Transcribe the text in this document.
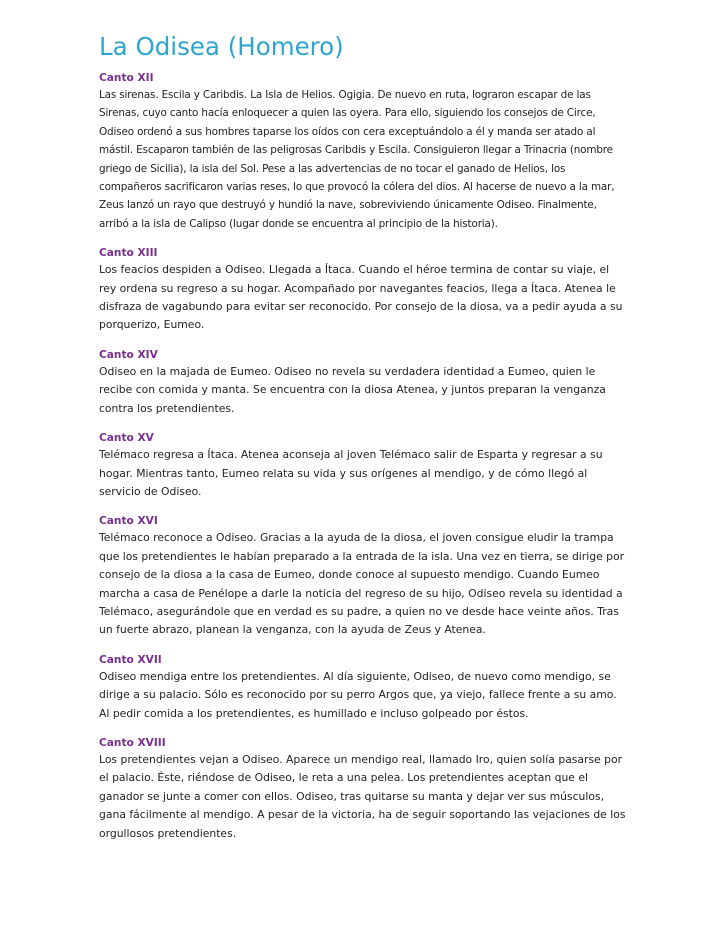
La Odisea (Homero)
Canto XII

Las sirenas. Escila y Caribdis. La Isla de Helios. Ogigia. De nuevo en ruta, lograron escapar de las Sirenas, cuyo canto hacía enloquecer a quien las oyera. Para ello, siguiendo los consejos de Circe, Odiseo ordenó a sus hombres taparse los oídos con cera exceptuándolo a él y manda ser atado al mástil. Escaparon también de las peligrosas Caribdis y Escila. Consiguieron llegar a Trinacria (nombre griego de Sicilia), la isla del Sol. Pese a las advertencias de no tocar el ganado de Helios, los compañeros sacrificaron varias reses, lo que provocó la cólera del dios. Al hacerse de nuevo a la mar, Zeus lanzó un rayo que destruyó y hundió la nave, sobreviviendo únicamente Odiseo. Finalmente, arribó a la isla de Calipso (lugar donde se encuentra al principio de la historia).

Canto XIII

Los feacios despiden a Odiseo. Llegada a Ítaca. Cuando el héroe termina de contar su viaje, el rey ordena su regreso a su hogar. Acompañado por navegantes feacios, llega a Ítaca. Atenea le disfraza de vagabundo para evitar ser reconocido. Por consejo de la diosa, va a pedir ayuda a su porquerizo, Eumeo.

Canto XIV

Odiseo en la majada de Eumeo. Odiseo no revela su verdadera identidad a Eumeo, quien le recibe con comida y manta. Se encuentra con la diosa Atenea, y juntos preparan la venganza contra los pretendientes.

Canto XV

Telémaco regresa a Ítaca. Atenea aconseja al joven Telémaco salir de Esparta y regresar a su hogar. Mientras tanto, Eumeo relata su vida y sus orígenes al mendigo, y de cómo llegó al servicio de Odiseo.

Canto XVI

Telémaco reconoce a Odiseo. Gracias a la ayuda de la diosa, el joven consigue eludir la trampa que los pretendientes le habían preparado a la entrada de la isla. Una vez en tierra, se dirige por consejo de la diosa a la casa de Eumeo, donde conoce al supuesto mendigo. Cuando Eumeo marcha a casa de Penélope a darle la noticia del regreso de su hijo, Odiseo revela su identidad a Telémaco, asegurándole que en verdad es su padre, a quien no ve desde hace veinte años. Tras un fuerte abrazo, planean la venganza, con la ayuda de Zeus y Atenea.

Canto XVII

Odiseo mendiga entre los pretendientes. Al día siguiente, Odiseo, de nuevo como mendigo, se dirige a su palacio. Sólo es reconocido por su perro Argos que, ya viejo, fallece frente a su amo. Al pedir comida a los pretendientes, es humillado e incluso golpeado por éstos.

Canto XVIII

Los pretendientes vejan a Odiseo. Aparece un mendigo real, llamado Iro, quien solía pasarse por el palacio. Éste, riéndose de Odiseo, le reta a una pelea. Los pretendientes aceptan que el ganador se junte a comer con ellos. Odiseo, tras quitarse su manta y dejar ver sus músculos, gana fácilmente al mendigo. A pesar de la victoria, ha de seguir soportando las vejaciones de los orgullosos pretendientes.
